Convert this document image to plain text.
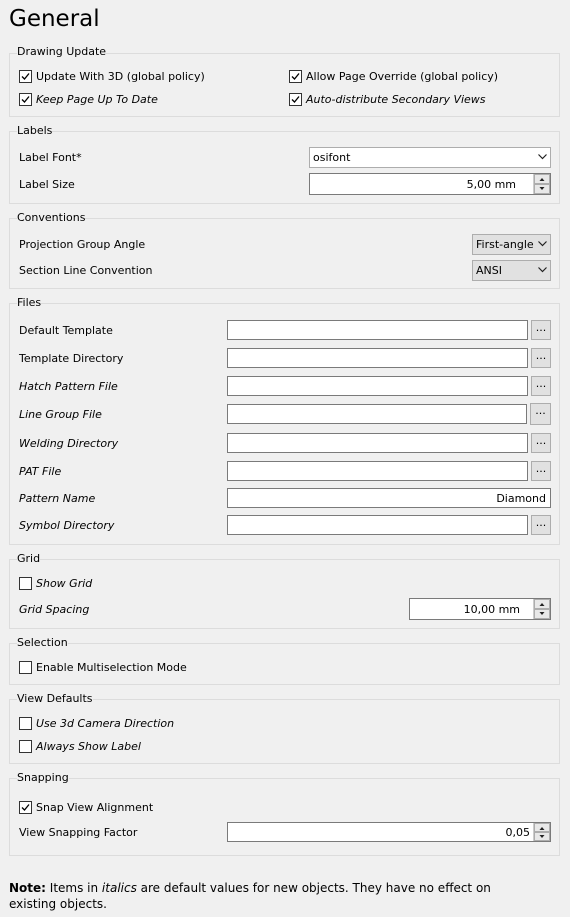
General
Drawing Update
Update With 3D (global policy)	Allow Page Override (global policy)
Keep Page Up To Date	Auto-distribute Secondary Views
Labels
Label Font*	osifont
Label Size	5,00 mm
Conventions
Projection Group Angle	First-angle
Section Line Convention	ANSI
Files
Default Template	...
Template Directory	...
Hatch Pattern File	...
Line Group File	...
Welding Directory	...
PAT File	...
Pattern Name	Diamond
Symbol Directory	...
Grid
Show Grid
Grid Spacing	10,00 mm
Selection
Enable Multiselection Mode
View Defaults
Use 3d Camera Direction
Always Show Label
Snapping
Snap View Alignment
View Snapping Factor	0,05
Note: Items in italics are default values for new objects. They have no effect on existing objects.
